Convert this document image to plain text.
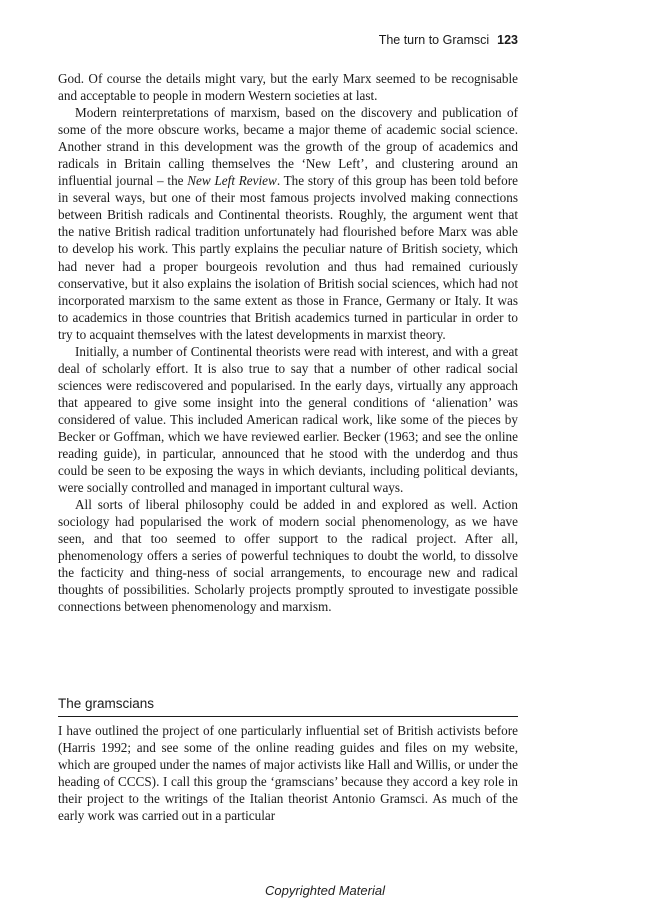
The turn to Gramsci 123

God. Of course the details might vary, but the early Marx seemed to be recognisable and acceptable to people in modern Western societies at last.

Modern reinterpretations of marxism, based on the discovery and publication of some of the more obscure works, became a major theme of academic social science. Another strand in this development was the growth of the group of academics and radicals in Britain calling themselves the ‘New Left’, and clustering around an influential journal – the New Left Review. The story of this group has been told before in several ways, but one of their most famous projects involved making connections between British radicals and Continental theorists. Roughly, the argument went that the native British radical tradition unfortunately had flourished before Marx was able to develop his work. This partly explains the peculiar nature of British society, which had never had a proper bourgeois revolution and thus had remained curiously conservative, but it also explains the isolation of British social sciences, which had not incorporated marxism to the same extent as those in France, Germany or Italy. It was to academics in those countries that British academics turned in particular in order to try to acquaint themselves with the latest developments in marxist theory.

Initially, a number of Continental theorists were read with interest, and with a great deal of scholarly effort. It is also true to say that a number of other radical social sciences were rediscovered and popularised. In the early days, virtually any approach that appeared to give some insight into the general conditions of ‘alienation’ was considered of value. This included American radical work, like some of the pieces by Becker or Goffman, which we have reviewed earlier. Becker (1963; and see the online reading guide), in particular, announced that he stood with the underdog and thus could be seen to be exposing the ways in which deviants, including political deviants, were socially controlled and managed in important cultural ways.

All sorts of liberal philosophy could be added in and explored as well. Action sociology had popularised the work of modern social phenomenology, as we have seen, and that too seemed to offer support to the radical project. After all, phenomenology offers a series of powerful techniques to doubt the world, to dissolve the facticity and thing-ness of social arrangements, to encourage new and radical thoughts of possibilities. Scholarly projects promptly sprouted to investigate possible connections between phenomenology and marxism.

The gramscians

I have outlined the project of one particularly influential set of British activists before (Harris 1992; and see some of the online reading guides and files on my website, which are grouped under the names of major activists like Hall and Willis, or under the heading of CCCS). I call this group the ‘gramscians’ because they accord a key role in their project to the writings of the Italian theorist Antonio Gramsci. As much of the early work was carried out in a particular

Copyrighted Material
